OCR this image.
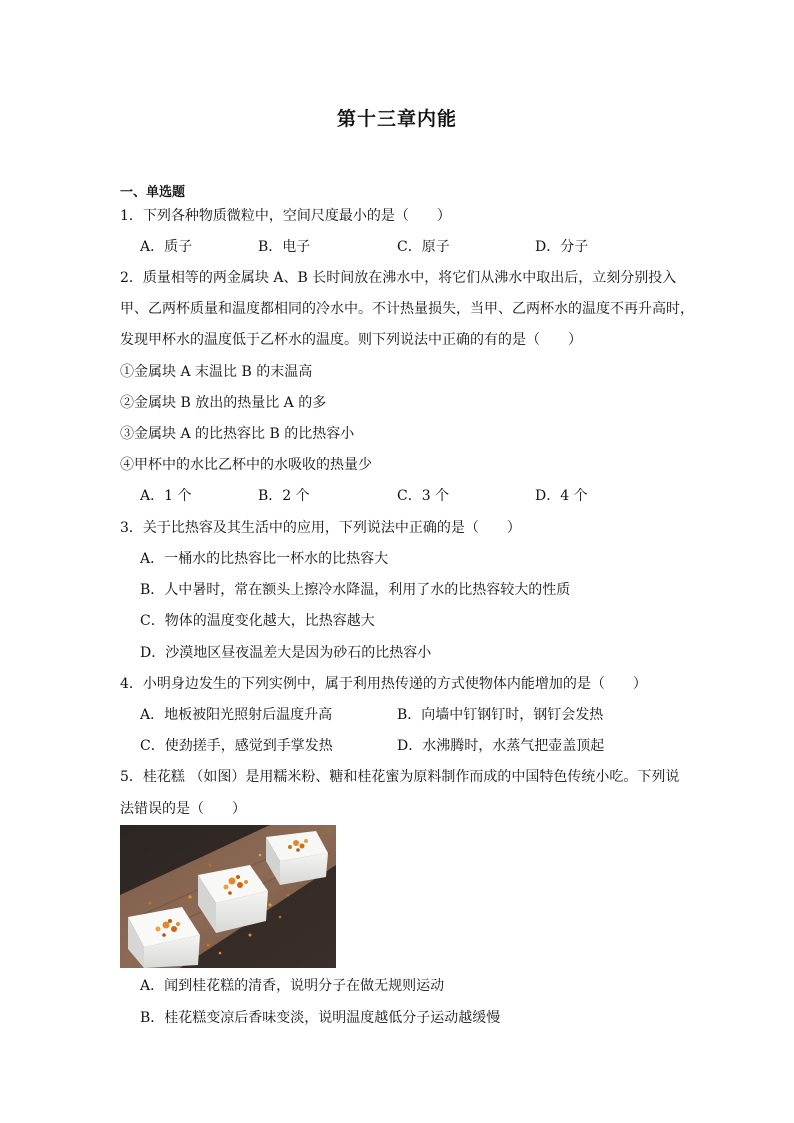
第十三章内能
一、单选题
1．下列各种物质微粒中，空间尺度最小的是（　　）
A．质子	B．电子	C．原子	D．分子
2．质量相等的两金属块 A、B 长时间放在沸水中，将它们从沸水中取出后，立刻分别投入
甲、乙两杯质量和温度都相同的冷水中。不计热量损失，当甲、乙两杯水的温度不再升高时，
发现甲杯水的温度低于乙杯水的温度。则下列说法中正确的有的是（　　）
①金属块 A 末温比 B 的末温高
②金属块 B 放出的热量比 A 的多
③金属块 A 的比热容比 B 的比热容小
④甲杯中的水比乙杯中的水吸收的热量少
A．1 个	B．2 个	C．3 个	D．4 个
3．关于比热容及其生活中的应用，下列说法中正确的是（　　）
A．一桶水的比热容比一杯水的比热容大
B．人中暑时，常在额头上擦冷水降温，利用了水的比热容较大的性质
C．物体的温度变化越大，比热容越大
D．沙漠地区昼夜温差大是因为砂石的比热容小
4．小明身边发生的下列实例中，属于利用热传递的方式使物体内能增加的是（　　）
A．地板被阳光照射后温度升高	B．向墙中钉钢钉时，钢钉会发热
C．使劲搓手，感觉到手掌发热	D．水沸腾时，水蒸气把壶盖顶起
5．桂花糕 （如图）是用糯米粉、糖和桂花蜜为原料制作而成的中国特色传统小吃。下列说
法错误的是（　　）
A．闻到桂花糕的清香，说明分子在做无规则运动
B．桂花糕变凉后香味变淡，说明温度越低分子运动越缓慢
